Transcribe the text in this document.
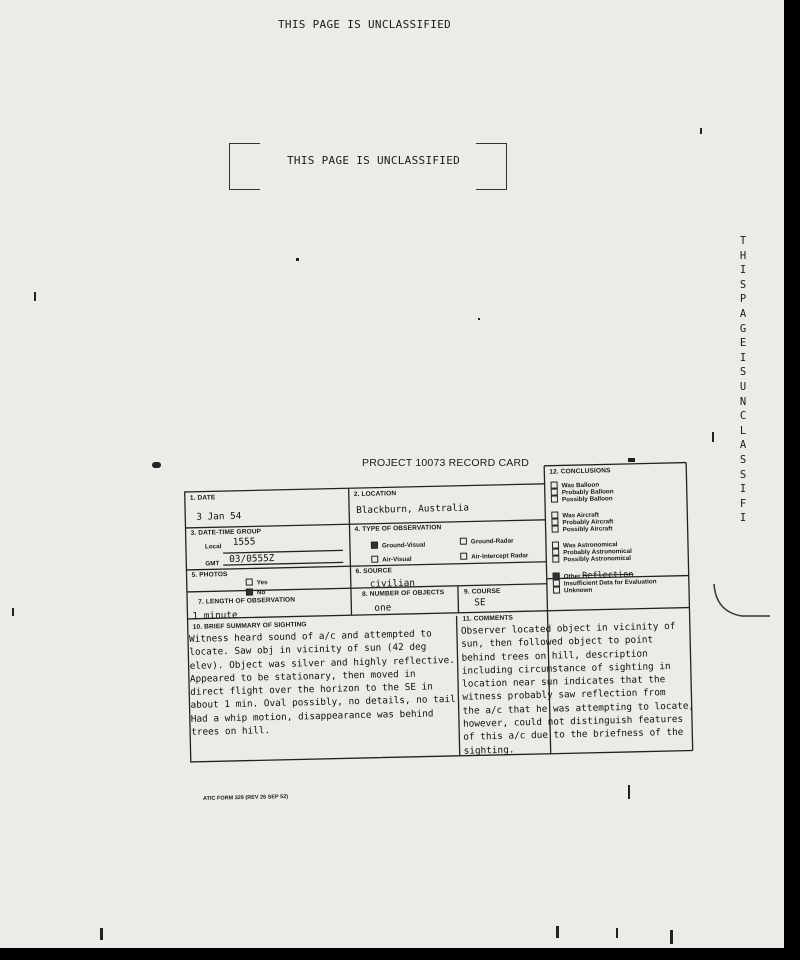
THIS PAGE IS UNCLASSIFIED
THIS PAGE IS UNCLASSIFIED
T
H
I
S
P
A
G
E
I
S
U
N
C
L
A
S
S
I
F
I
PROJECT 10073 RECORD CARD
1. DATE
3 Jan 54
2. LOCATION
Blackburn, Australia
3. DATE-TIME GROUP
Local 1555
GMT 03/0555Z
4. TYPE OF OBSERVATION
Ground-Visual
Ground-Radar
Air-Visual	Air-Intercept Radar
5. PHOTOS
Yes
No
6. SOURCE
civilian
7. LENGTH OF OBSERVATION
1 minute
8. NUMBER OF OBJECTS
one
9. COURSE
SE
12. CONCLUSIONS
Was Balloon
Probably Balloon
Possibly Balloon
Was Aircraft
Probably Aircraft
Possibly Aircraft
Was Astronomical
Probably Astronomical
Possibly Astronomical
Other Reflection
Insufficient Data for Evaluation
Unknown
10. BRIEF SUMMARY OF SIGHTING
Witness heard sound of a/c and attempted to
locate. Saw obj in vicinity of sun (42 deg
elev). Object was silver and highly reflective.
Appeared to be stationary, then moved in
direct flight over the horizon to the SE in
about 1 min. Oval possibly, no details, no tail
Had a whip motion, disappearance was behind
trees on hill.
11. COMMENTS
Observer located object in vicinity of
sun, then followed object to point
behind trees on hill, description
including circumstance of sighting in
location near sun indicates that the
witness probably saw reflection from
the a/c that he was attempting to locate,
however, could not distinguish features
of this a/c due to the briefness of the
sighting.
ATIC FORM 329 (REV 26 SEP 52)
